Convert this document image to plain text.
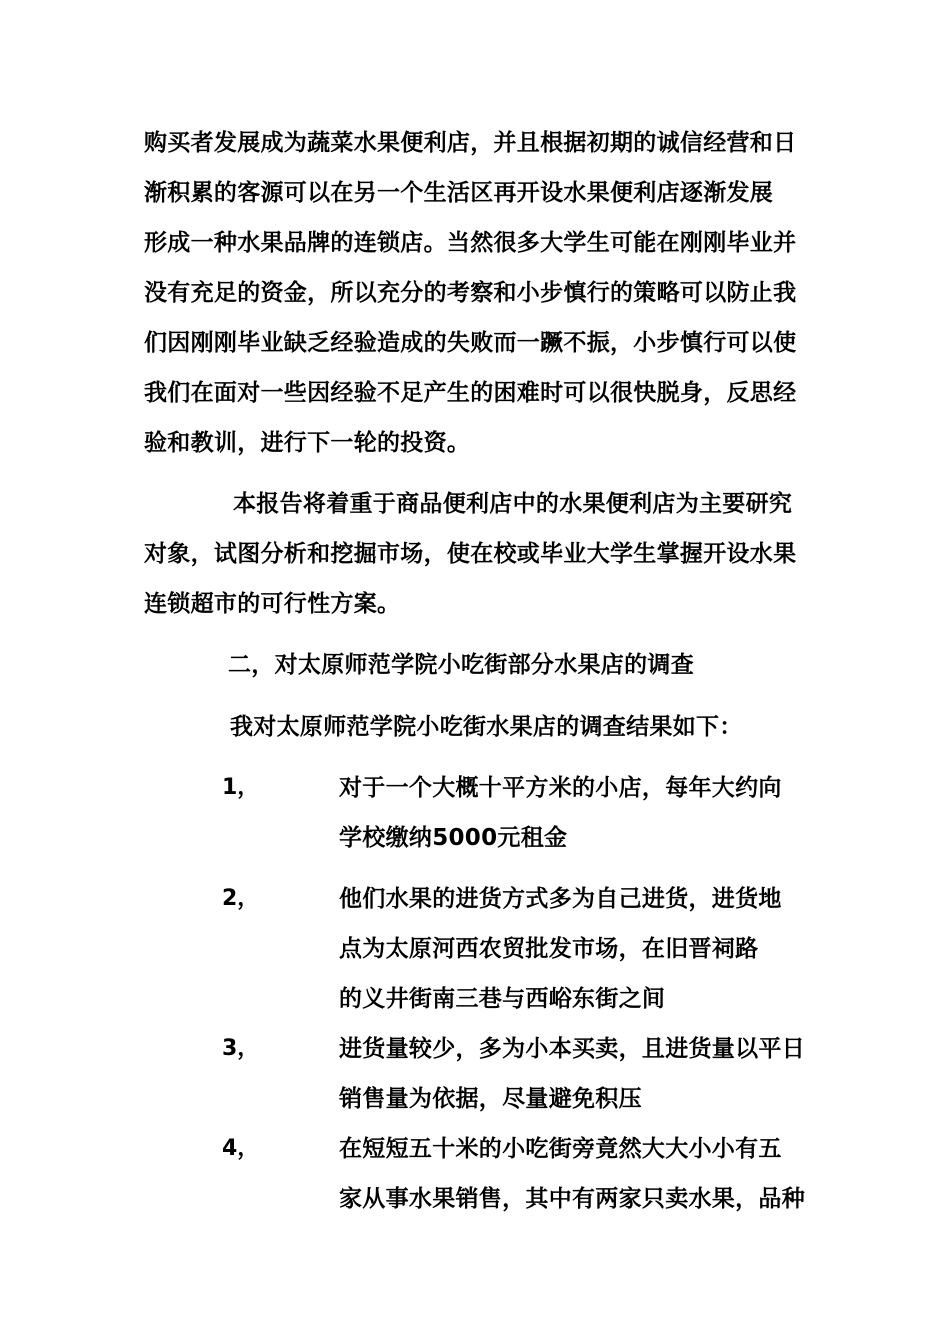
购买者发展成为蔬菜水果便利店，并且根据初期的诚信经营和日
渐积累的客源可以在另一个生活区再开设水果便利店逐渐发展
形成一种水果品牌的连锁店。当然很多大学生可能在刚刚毕业并
没有充足的资金，所以充分的考察和小步慎行的策略可以防止我
们因刚刚毕业缺乏经验造成的失败而一蹶不振，小步慎行可以使
我们在面对一些因经验不足产生的困难时可以很快脱身，反思经
验和教训，进行下一轮的投资。
本报告将着重于商品便利店中的水果便利店为主要研究
对象，试图分析和挖掘市场，使在校或毕业大学生掌握开设水果
连锁超市的可行性方案。
二，对太原师范学院小吃街部分水果店的调查
我对太原师范学院小吃街水果店的调查结果如下：
1，	对于一个大概十平方米的小店，每年大约向
学校缴纳5000元租金
2，	他们水果的进货方式多为自己进货，进货地
点为太原河西农贸批发市场，在旧晋祠路
的义井街南三巷与西峪东街之间
3，	进货量较少，多为小本买卖，且进货量以平日
销售量为依据，尽量避免积压
4，	在短短五十米的小吃街旁竟然大大小小有五
家从事水果销售，其中有两家只卖水果，品种
